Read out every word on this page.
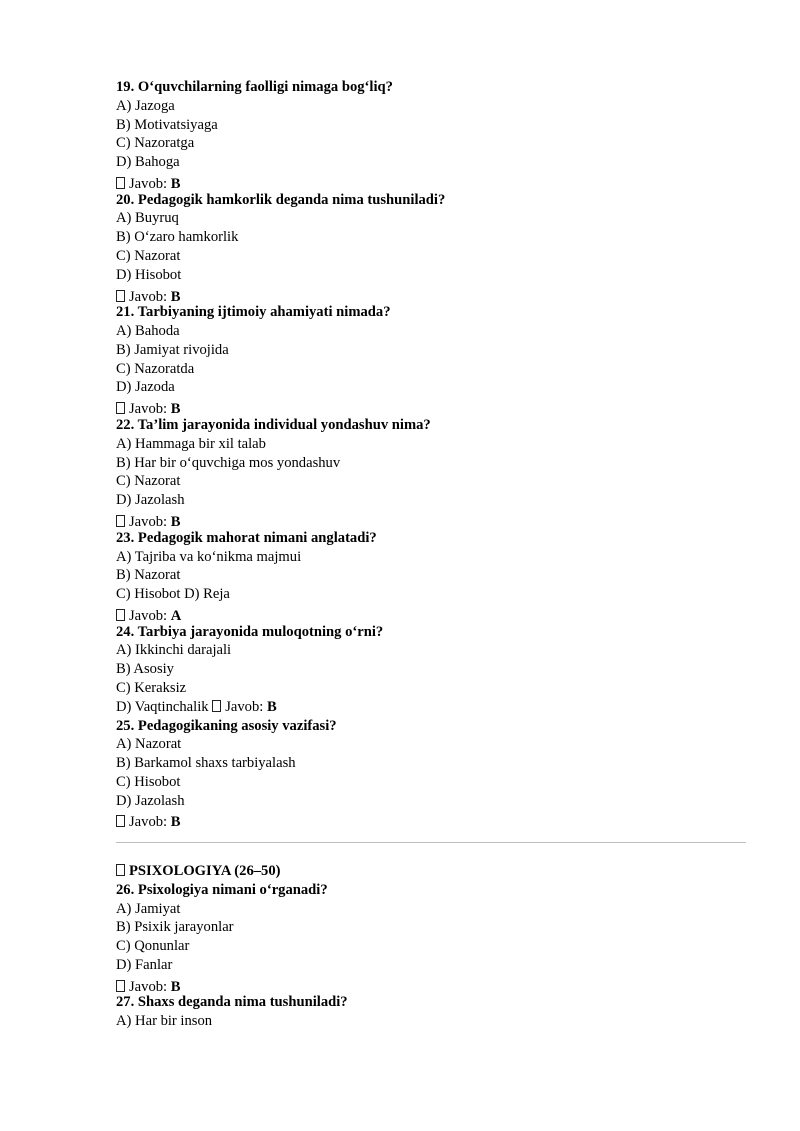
19. O‘quvchilarning faolligi nimaga bog‘liq?
A) Jazoga
B) Motivatsiyaga
C) Nazoratga
D) Bahoga
Javob: B
20. Pedagogik hamkorlik deganda nima tushuniladi?
A) Buyruq
B) O‘zaro hamkorlik
C) Nazorat
D) Hisobot
Javob: B
21. Tarbiyaning ijtimoiy ahamiyati nimada?
A) Bahoda
B) Jamiyat rivojida
C) Nazoratda
D) Jazoda
Javob: B
22. Ta’lim jarayonida individual yondashuv nima?
A) Hammaga bir xil talab
B) Har bir o‘quvchiga mos yondashuv
C) Nazorat
D) Jazolash
Javob: B
23. Pedagogik mahorat nimani anglatadi?
A) Tajriba va ko‘nikma majmui
B) Nazorat
C) Hisobot D) Reja
Javob: A
24. Tarbiya jarayonida muloqotning o‘rni?
A) Ikkinchi darajali
B) Asosiy
C) Keraksiz
D) Vaqtinchalik Javob: B
25. Pedagogikaning asosiy vazifasi?
A) Nazorat
B) Barkamol shaxs tarbiyalash
C) Hisobot
D) Jazolash
Javob: B
PSIXOLOGIYA (26–50)
26. Psixologiya nimani o‘rganadi?
A) Jamiyat
B) Psixik jarayonlar
C) Qonunlar
D) Fanlar
Javob: B
27. Shaxs deganda nima tushuniladi?
A) Har bir inson
